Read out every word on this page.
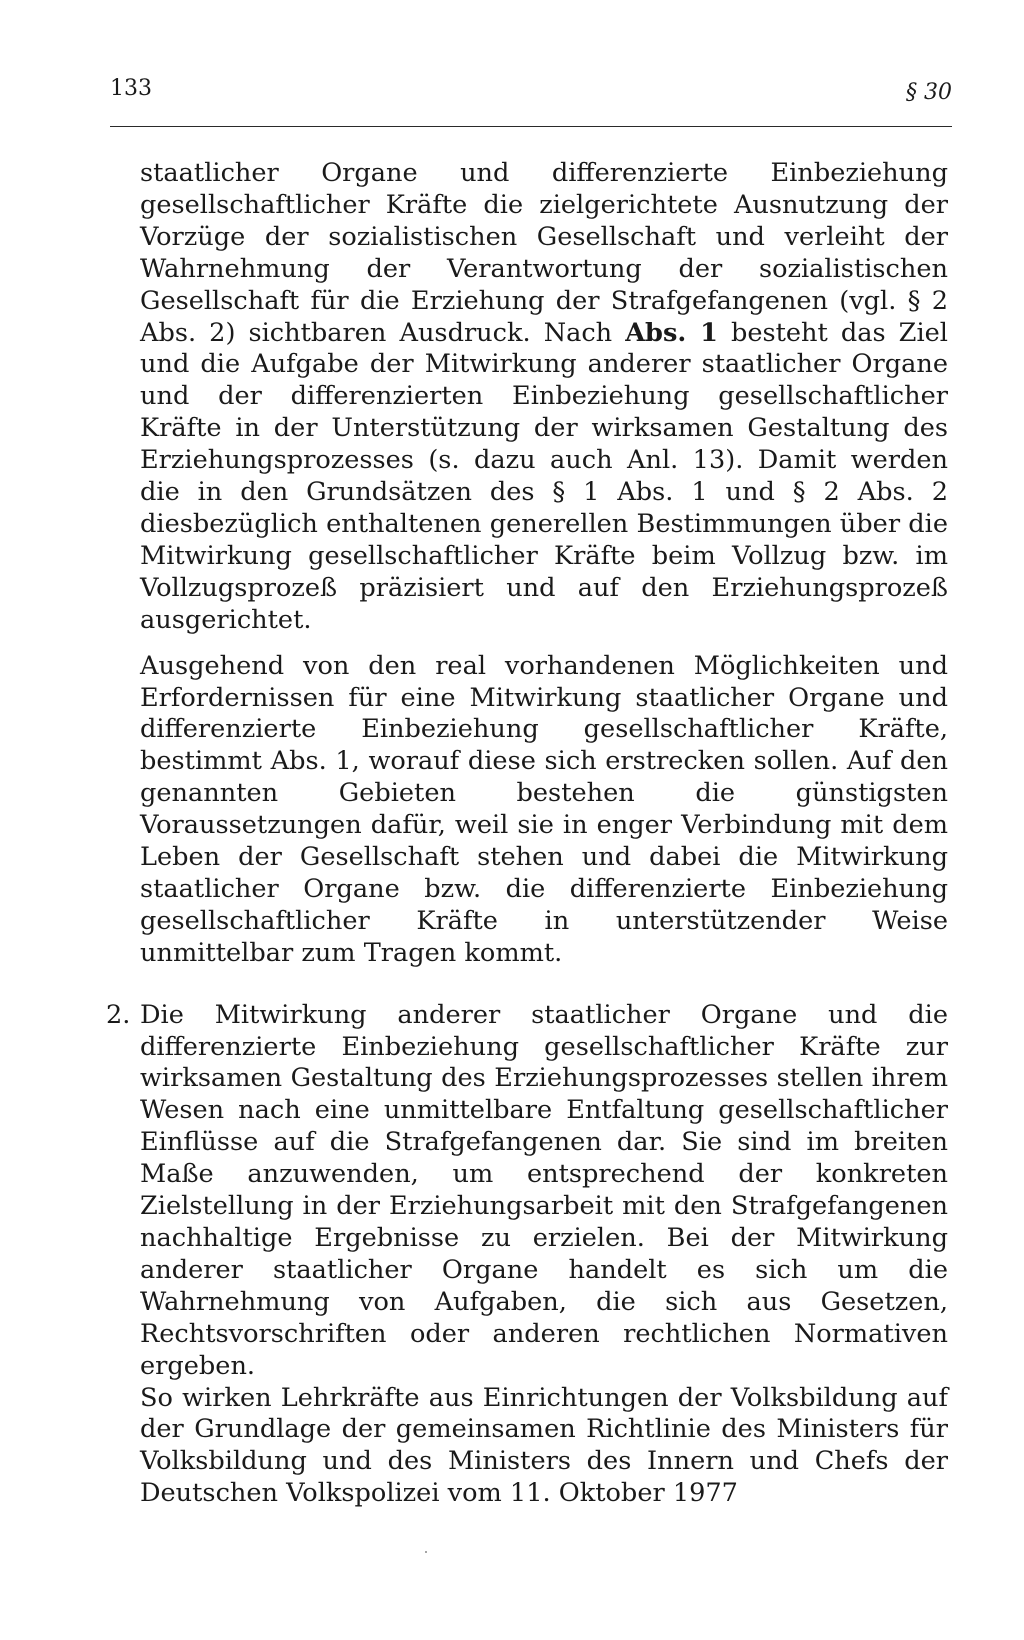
133	§ 30

staatlicher Organe und differenzierte Einbeziehung gesellschaftlicher Kräfte die zielgerichtete Ausnutzung der Vorzüge der sozialistischen Gesellschaft und verleiht der Wahrnehmung der Verantwortung der sozialistischen Gesellschaft für die Erziehung der Strafgefangenen (vgl. § 2 Abs. 2) sichtbaren Ausdruck. Nach Abs. 1 besteht das Ziel und die Aufgabe der Mitwirkung anderer staatlicher Organe und der differenzierten Einbeziehung gesellschaftlicher Kräfte in der Unterstützung der wirksamen Gestaltung des Erziehungsprozesses (s. dazu auch Anl. 13). Damit werden die in den Grundsätzen des § 1 Abs. 1 und § 2 Abs. 2 diesbezüglich enthaltenen generellen Bestimmungen über die Mitwirkung gesellschaftlicher Kräfte beim Vollzug bzw. im Vollzugsprozeß präzisiert und auf den Erziehungsprozeß ausgerichtet.

Ausgehend von den real vorhandenen Möglichkeiten und Erfordernissen für eine Mitwirkung staatlicher Organe und differenzierte Einbeziehung gesellschaftlicher Kräfte, bestimmt Abs. 1, worauf diese sich erstrecken sollen. Auf den genannten Gebieten bestehen die günstigsten Voraussetzungen dafür, weil sie in enger Verbindung mit dem Leben der Gesellschaft stehen und dabei die Mitwirkung staatlicher Organe bzw. die differenzierte Einbeziehung gesellschaftlicher Kräfte in unterstützender Weise unmittelbar zum Tragen kommt.

2. Die Mitwirkung anderer staatlicher Organe und die differenzierte Einbeziehung gesellschaftlicher Kräfte zur wirksamen Gestaltung des Erziehungsprozesses stellen ihrem Wesen nach eine unmittelbare Entfaltung gesellschaftlicher Einflüsse auf die Strafgefangenen dar. Sie sind im breiten Maße anzuwenden, um entsprechend der konkreten Zielstellung in der Erziehungsarbeit mit den Strafgefangenen nachhaltige Ergebnisse zu erzielen. Bei der Mitwirkung anderer staatlicher Organe handelt es sich um die Wahrnehmung von Aufgaben, die sich aus Gesetzen, Rechtsvorschriften oder anderen rechtlichen Normativen ergeben.

So wirken Lehrkräfte aus Einrichtungen der Volksbildung auf der Grundlage der gemeinsamen Richtlinie des Ministers für Volksbildung und des Ministers des Innern und Chefs der Deutschen Volkspolizei vom 11. Oktober 1977
